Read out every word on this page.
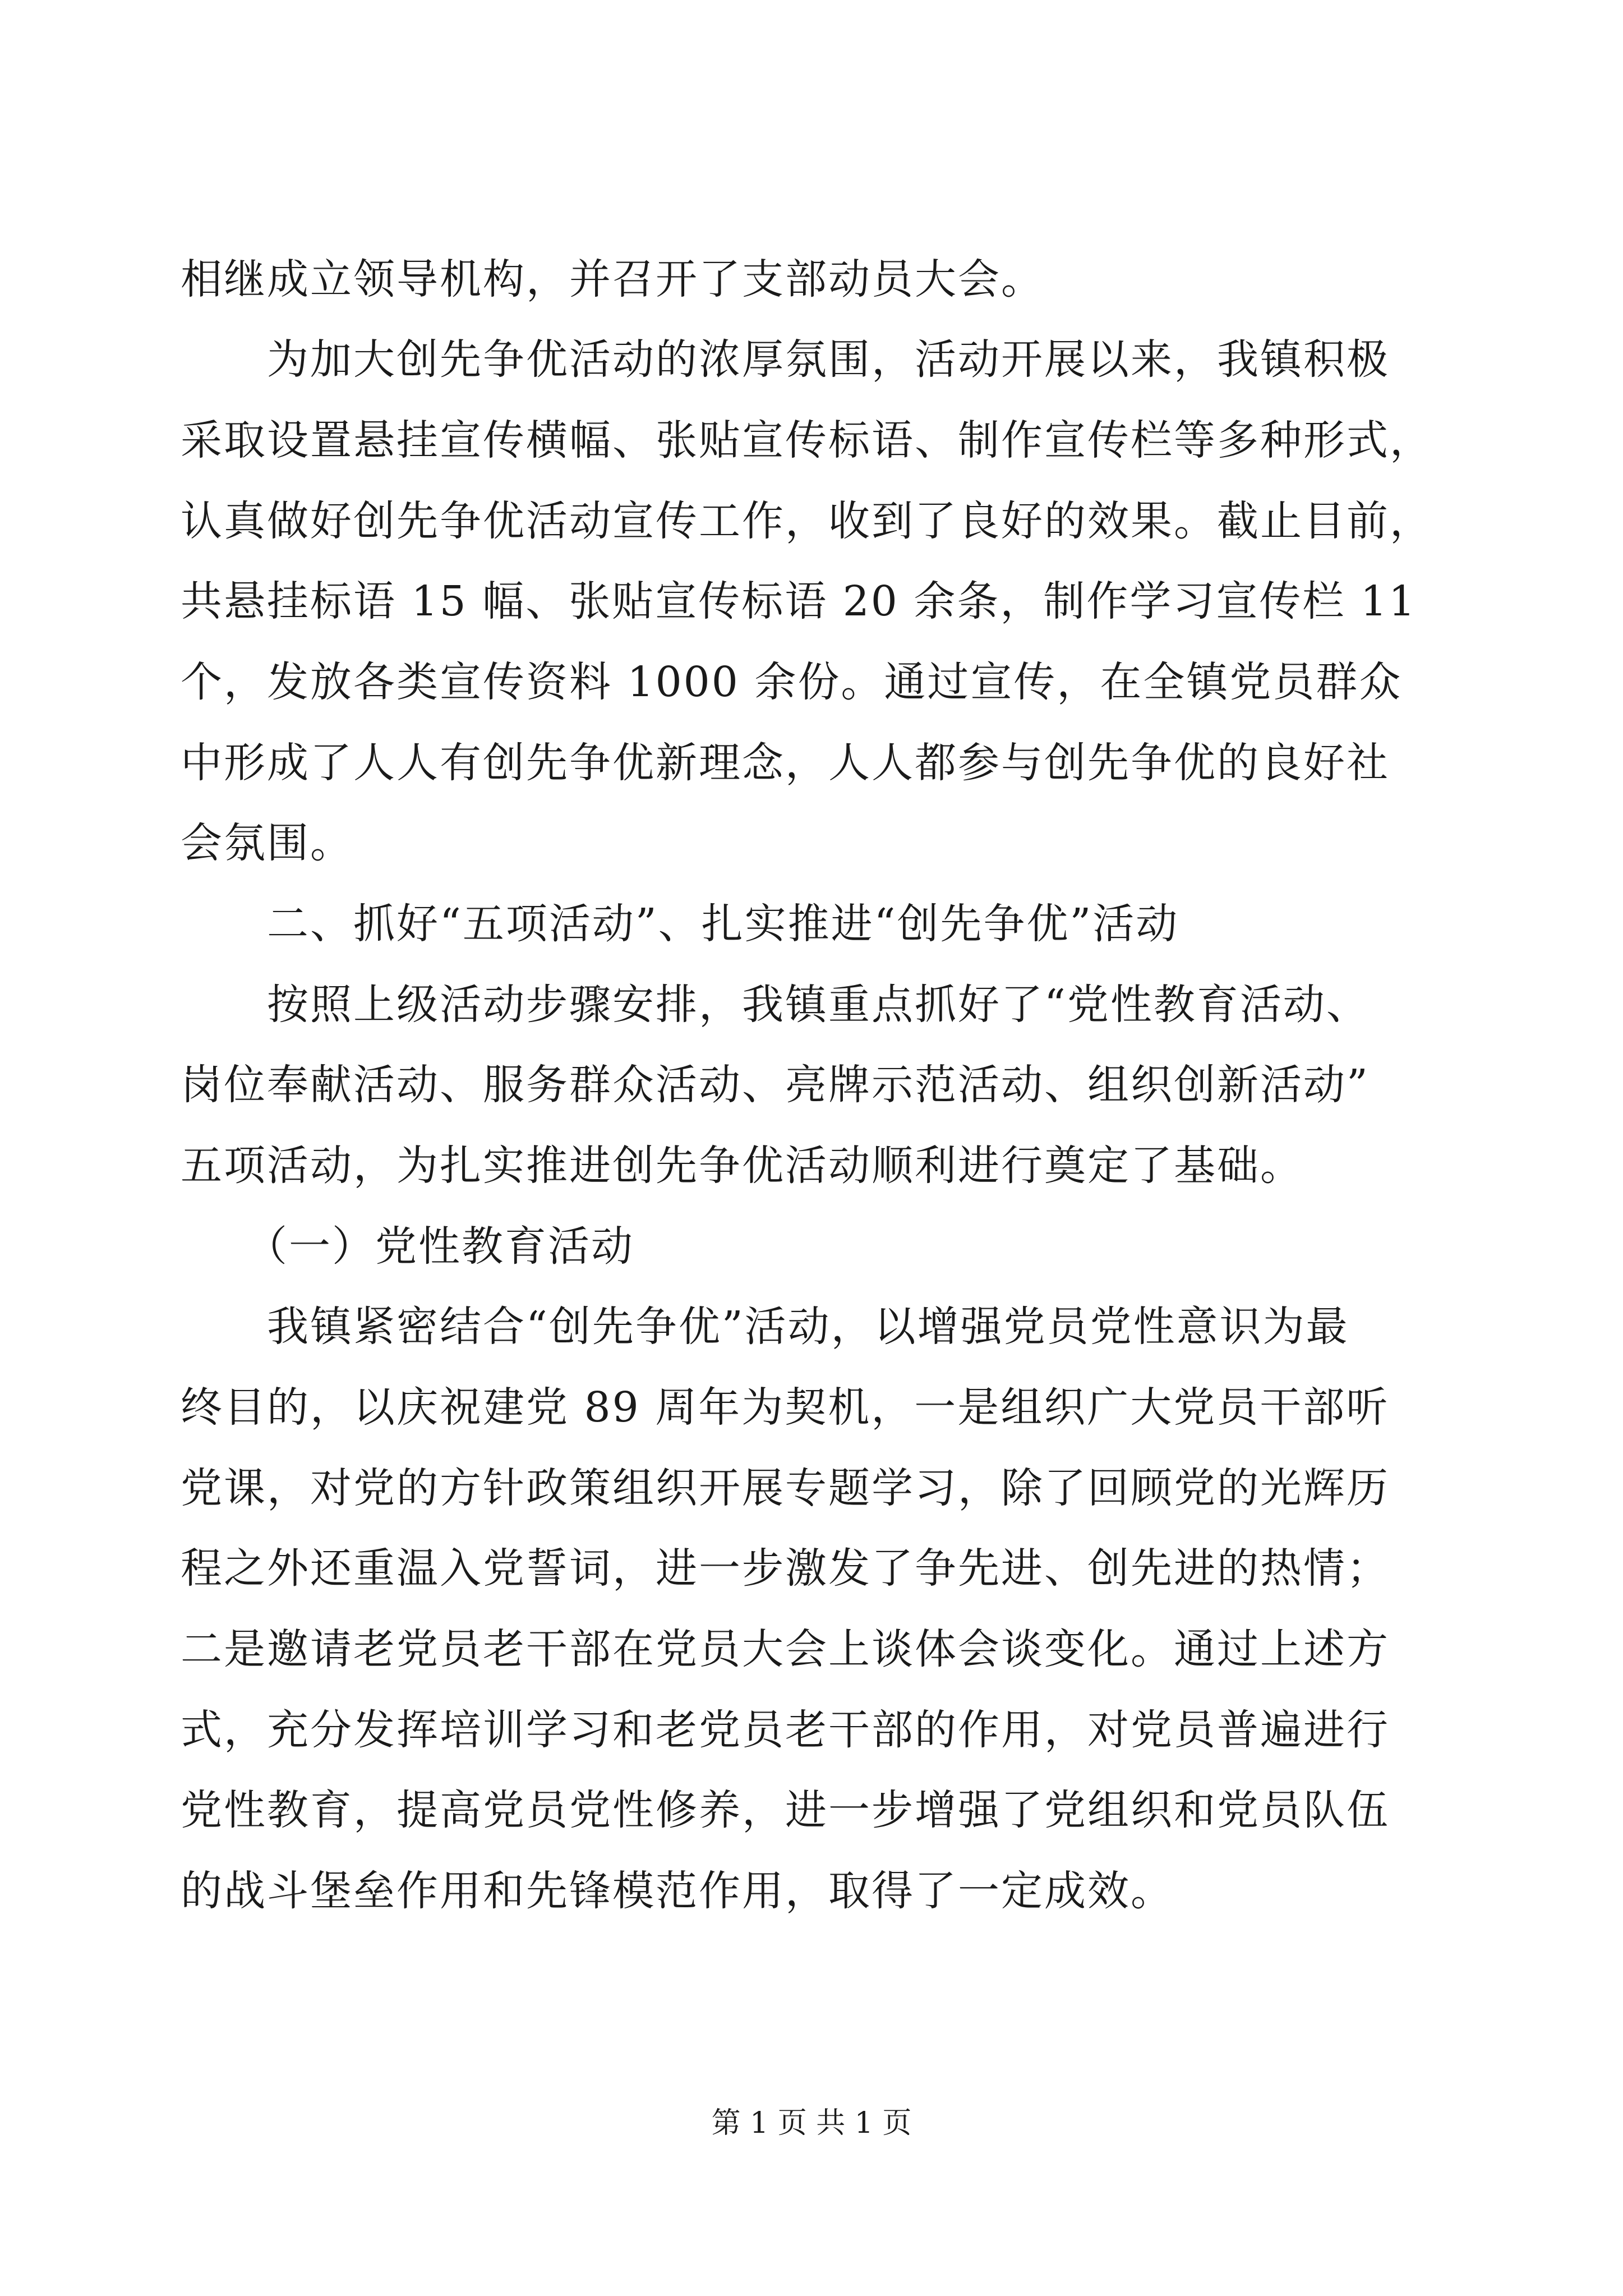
相继成立领导机构，并召开了支部动员大会。
为加大创先争优活动的浓厚氛围，活动开展以来，我镇积极
采取设置悬挂宣传横幅、张贴宣传标语、制作宣传栏等多种形式，
认真做好创先争优活动宣传工作，收到了良好的效果。截止目前，
共悬挂标语 15 幅、张贴宣传标语 20 余条，制作学习宣传栏 11
个，发放各类宣传资料 1000 余份。通过宣传，在全镇党员群众
中形成了人人有创先争优新理念，人人都参与创先争优的良好社
会氛围。
二、抓好“五项活动”、扎实推进“创先争优”活动
按照上级活动步骤安排，我镇重点抓好了“党性教育活动、
岗位奉献活动、服务群众活动、亮牌示范活动、组织创新活动”
五项活动，为扎实推进创先争优活动顺利进行奠定了基础。
（一）党性教育活动
我镇紧密结合“创先争优”活动，以增强党员党性意识为最
终目的，以庆祝建党 89 周年为契机，一是组织广大党员干部听
党课，对党的方针政策组织开展专题学习，除了回顾党的光辉历
程之外还重温入党誓词，进一步激发了争先进、创先进的热情；
二是邀请老党员老干部在党员大会上谈体会谈变化。通过上述方
式，充分发挥培训学习和老党员老干部的作用，对党员普遍进行
党性教育，提高党员党性修养，进一步增强了党组织和党员队伍
的战斗堡垒作用和先锋模范作用，取得了一定成效。
第 1 页 共 1 页
